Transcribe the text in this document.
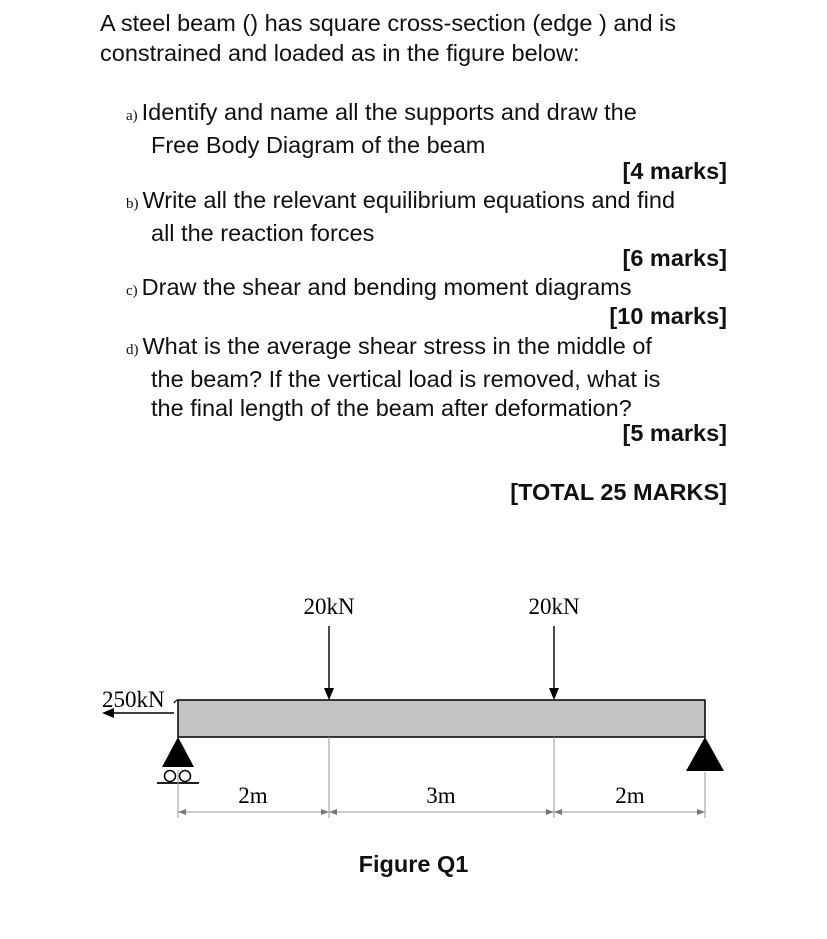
A steel beam () has square cross-section (edge ) and is
constrained and loaded as in the figure below:
a) Identify and name all the supports and draw the
Free Body Diagram of the beam
[4 marks]
b) Write all the relevant equilibrium equations and find
all the reaction forces
[6 marks]
c) Draw the shear and bending moment diagrams
[10 marks]
d) What is the average shear stress in the middle of
the beam? If the vertical load is removed, what is
the final length of the beam after deformation?
[5 marks]
[TOTAL 25 MARKS]
20kN	20kN
250kN
2m	3m	2m
Figure Q1
